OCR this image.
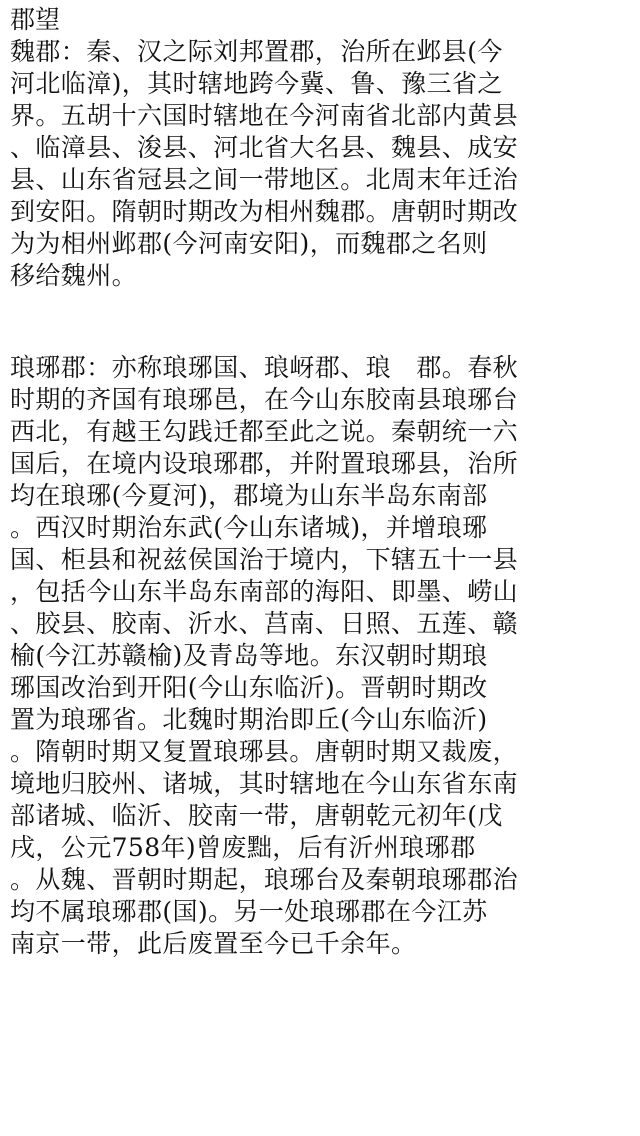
郡望
魏郡：秦、汉之际刘邦置郡，治所在邺县(今
河北临漳)，其时辖地跨今冀、鲁、豫三省之
界。五胡十六国时辖地在今河南省北部内黄县
、临漳县、浚县、河北省大名县、魏县、成安
县、山东省冠县之间一带地区。北周末年迁治
到安阳。隋朝时期改为相州魏郡。唐朝时期改
为为相州邺郡(今河南安阳)，而魏郡之名则
移给魏州。
琅琊郡：亦称琅琊国、琅岈郡、琅　郡。春秋
时期的齐国有琅琊邑，在今山东胶南县琅琊台
西北，有越王勾践迁都至此之说。秦朝统一六
国后，在境内设琅琊郡，并附置琅琊县，治所
均在琅琊(今夏河)，郡境为山东半岛东南部
。西汉时期治东武(今山东诸城)，并增琅琊
国、柜县和祝兹侯国治于境内，下辖五十一县
，包括今山东半岛东南部的海阳、即墨、崂山
、胶县、胶南、沂水、莒南、日照、五莲、赣
榆(今江苏赣榆)及青岛等地。东汉朝时期琅
琊国改治到开阳(今山东临沂)。晋朝时期改
置为琅琊省。北魏时期治即丘(今山东临沂)
。隋朝时期又复置琅琊县。唐朝时期又裁废，
境地归胶州、诸城，其时辖地在今山东省东南
部诸城、临沂、胶南一带，唐朝乾元初年(戊
戌，公元758年)曾废黜，后有沂州琅琊郡
。从魏、晋朝时期起，琅琊台及秦朝琅琊郡治
均不属琅琊郡(国)。另一处琅琊郡在今江苏
南京一带，此后废置至今已千余年。
